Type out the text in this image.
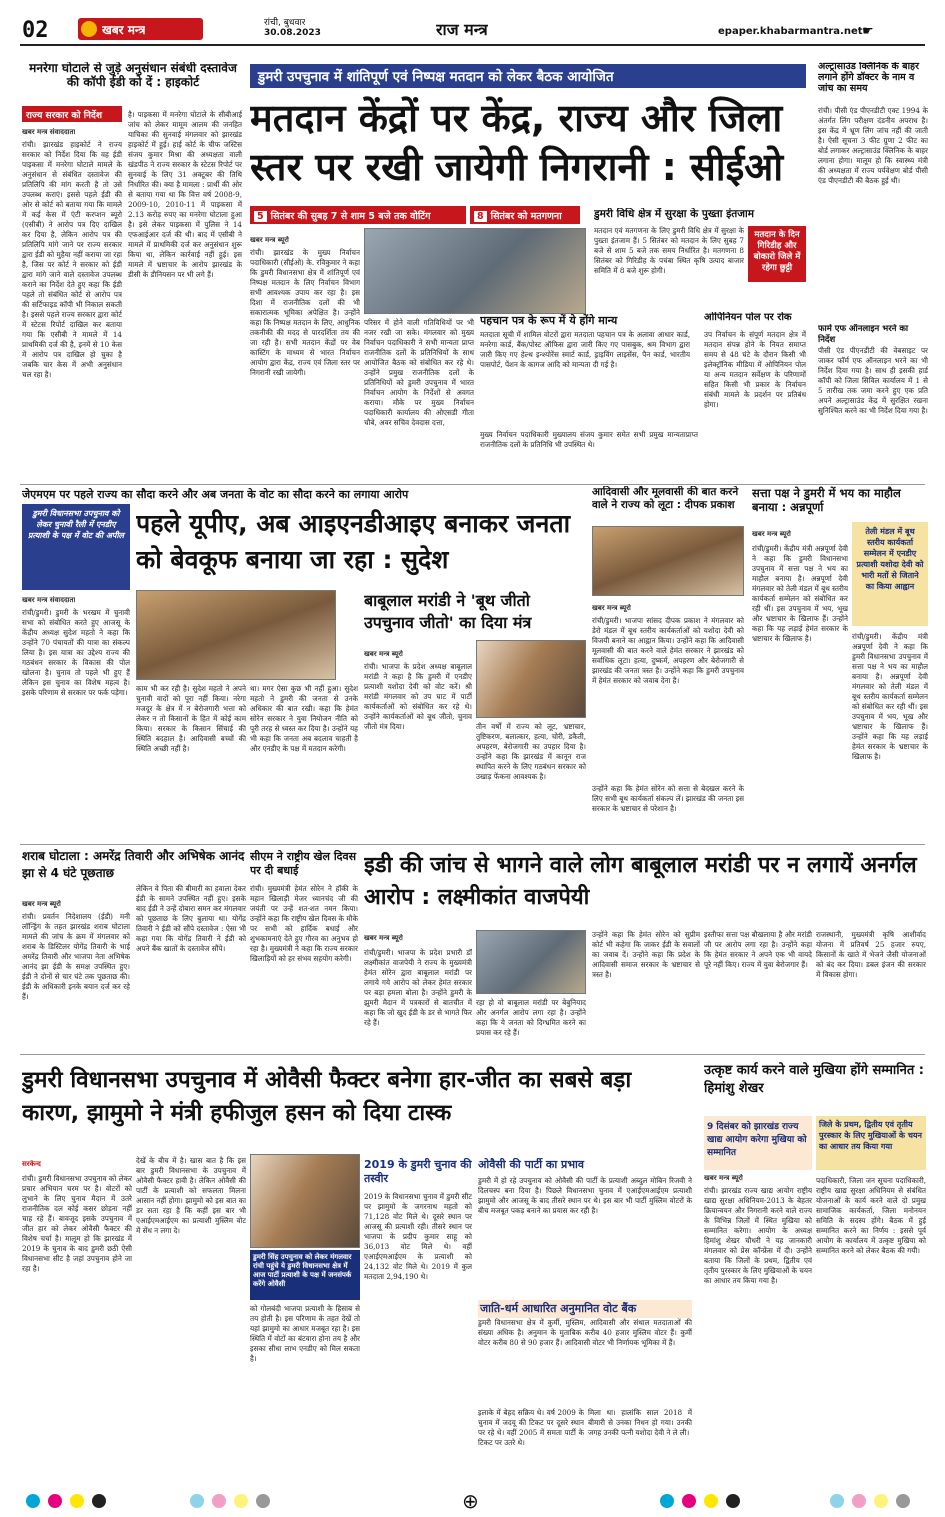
02	खबर मन्त्र	रांची, बुधवार
30.08.2023	राज मन्त्र	epaper.khabarmantra.net ☛
मनरेगा घोटाले से जुड़े अनुसंधान संबंधी दस्तावेज की कॉपी ईडी को दें : हाइकोर्ट
राज्य सरकार को निर्देश
खबर मन्त्र संवाददाता
रांची। झारखंड हाइकोर्ट ने राज्य सरकार को निर्देश दिया कि वह ईडी पाइकसा में मनरेगा घोटाले मामले के अनुसंधान से संबंधित दस्तावेज की प्रतिलिपि की मांग करती है तो उसे उपलब्ध कराएं। इससे पहले ईडी की ओर से कोर्ट को बताया गया कि मामले में कई केस में एंटी करप्शन ब्यूरो (एसीबी) ने आरोप पत्र दिए दाखिल कर दिया है, लेकिन आरोप पत्र की प्रतिलिपि मांगे जाने पर राज्य सरकार द्वारा ईडी को मुहैया नहीं कराया जा रहा है, जिस पर कोर्ट ने सरकार को ईडी द्वारा मांगे जाने वाले दस्तावेज उपलब्ध कराने का निर्देश देते हुए कहा कि ईडी पहले तो संबंधित कोर्ट से आरोप पत्र की सर्टिफाइड कॉपी भी निकाल सकती है। इससे पहले राज्य सरकार द्वारा कोर्ट में स्टेटस रिपोर्ट दाखिल कर बताया गया कि एसीबी ने मामले में 14 प्राथमिकी दर्ज की है, इनमें से 10 केस में आरोप पत्र दाखिल हो चुका है जबकि चार केस में अभी अनुसंधान चल रहा है।
है। पाइकसा में मनरेगा घोटाले के सीबीआई जांच को लेकर मामूम आलम की जनहित याचिका की सुनवाई मंगलवार को झारखंड हाइकोर्ट में हुई। हाई कोर्ट के चीफ जस्टिस संजय कुमार मिश्रा की अध्यक्षता वाली खंडपीठ ने राज्य सरकार के स्टेटस रिपोर्ट पर सुनवाई के लिए 31 अक्टूबर की तिथि निर्धारित की। क्या है मामला : प्रार्थी की ओर से बताया गया था कि वित्त वर्ष 2008-9, 2009-10, 2010-11 में पाइकसा में 2.13 करोड़ रुपए का मनरेगा घोटाला हुआ है। इसे लेकर पाइकसा में पुलिस ने 14 एफआईआर दर्ज की थी। बाद में एसीबी ने मामले में प्राथमिकी दर्ज कर अनुसंधान शुरू किया था, लेकिन कार्रवाई नहीं हुई। इस मामले में भ्रष्टाचार के आरोप झारखंड के डीसी के डीनियसन पर भी लगे हैं।
डुमरी उपचुनाव में शांतिपूर्ण एवं निष्पक्ष मतदान को लेकर बैठक आयोजित
मतदान केंद्रों पर केंद्र, राज्य और जिला स्तर पर रखी जायेगी निगरानी : सीईओ
5 सितंबर की सुबह 7 से शाम 5 बजे तक वोटिंग	8 सितंबर को मतगणना
खबर मन्त्र ब्यूरो
रांची। झारखंड के मुख्य निर्वाचन पदाधिकारी (सीईओ) के. रविकुमार ने कहा कि डुमरी विधानसभा क्षेत्र में शांतिपूर्ण एवं निष्पक्ष मतदान के लिए निर्वाचन विभाग सभी आवश्यक उपाय कर रहा है। इस दिशा में राजनीतिक दलों की भी सकारात्मक भूमिका अपेक्षित है। उन्होंने कहा कि निष्पक्ष मतदान के लिए, आधुनिक तकनीकी की मदद से पारदर्शिता तय की जा रही है। सभी मतदान केंद्रों पर वेब कास्टिंग के माध्यम से भारत निर्वाचन आयोग द्वारा केंद्र, राज्य एवं जिला स्तर पर निगरानी रखी जायेगी।
परिसर में होने वाली गतिविधियों पर भी नजर रखी जा सके। मंगलवार को मुख्य निर्वाचन पदाधिकारी ने सभी मान्यता प्राप्त राजनीतिक दलों के प्रतिनिधियों के साथ आयोजित बैठक को संबोधित कर रहे थे। उन्होंने प्रमुख राजनीतिक दलों के प्रतिनिधियों को डुमरी उपचुनाव में भारत निर्वाचन आयोग के निर्देशों से अवगत कराया। मौके पर मुख्य निर्वाचन पदाधिकारी कार्यालय की ओएसडी गीता चौबे, अवर सचिव देवदास दत्ता,
डुमरी विधि क्षेत्र में सुरक्षा के पुख्ता इंतजाम
मतदान एवं मतगणना के लिए डुमरी विधि क्षेत्र में सुरक्षा के पुख्ता इंतजाम हैं। 5 सितंबर को मतदान के लिए सुबह 7 बजे से शाम 5 बजे तक समय निर्धारित है। मतगणना 8 सितंबर को गिरिडीह के पचंबा स्थित कृषि उत्पाद बाजार समिति में 8 बजे शुरू होगी।
मतदान के दिन गिरिडीह और बोकारो जिले में रहेगा छुट्टी
पहचान पत्र के रूप में ये होंगे मान्य
मतदाता सूची में शामिल वोटरों द्वारा मतदाता पहचान पत्र के अलावा आधार कार्ड, मनरेगा कार्ड, बैंक/पोस्ट ऑफिस द्वारा जारी किए गए पासबुक, श्रम विभाग द्वारा जारी किए गए हेल्थ इन्श्योरेंस स्मार्ट कार्ड, ड्राइविंग लाइसेंस, पैन कार्ड, भारतीय पासपोर्ट, पेंशन के कागज आदि को मान्यता दी गई है।
ओपिनियन पोल पर रोक
उप निर्वाचन के संपूर्ण मतदान क्षेत्र में मतदान संपन्न होने के नियत समाप्त समय से 48 घंटे के दौरान किसी भी इलेक्ट्रॉनिक मीडिया में ओपिनियन पोल या अन्य मतदान सर्वेक्षण के परिणामों सहित किसी भी प्रकार के निर्वाचन संबंधी मामले के प्रदर्शन पर प्रतिबंध होगा।
मुख्य निर्वाचन पदाधिकारी मुख्यालय संजय कुमार समेत सभी प्रमुख मान्यताप्राप्त राजनीतिक दलों के प्रतिनिधि भी उपस्थित थे।
अल्ट्रासाउंड क्लिनिक के बाहर लगाने होंगे डॉक्टर के नाम व जांच का समय
रांची। पीसी एंड पीएनडीटी एक्ट 1994 के अंतर्गत लिंग परीक्षण दंडनीय अपराध है। इस केंद्र में भ्रूण लिंग जांच नहीं की जाती है। ऐसी सूचना 3 फीट ग्रुणा 2 फीट का बोर्ड लगाकर अल्ट्रासाउंड क्लिनिक के बाहर लगाना होगा। मालूम हो कि स्वास्थ्य मंत्री की अध्यक्षता में राज्य पर्यवेक्षण बोर्ड पीसी एंड पीएनडीटी की बैठक हुई थी।
फार्म एफ ऑनलाइन भरने का निर्देश
पीसी एंड पीएनडीटी की वेबसाइट पर जाकर फॉर्म एफ ऑनलाइन भरने का भी निर्देश दिया गया है। साथ ही इसकी हार्ड कॉपी को जिला सिविल कार्यालय में 1 से 5 तारीख तक जमा करने हुए एक प्रति अपने अल्ट्रासाउंड केंद्र में सुरक्षित रखना सुनिश्चित करने का भी निर्देश दिया गया है।
जेएमएम पर पहले राज्य का सौदा करने और अब जनता के वोट का सौदा करने का लगाया आरोप
डुमरी विधानसभा उपचुनाव को लेकर चुनावी रैली में एनडीए प्रत्याशी के पक्ष में वोट की अपील पहले यूपीए, अब आइएनडीआइए बनाकर जनता को बेवकूफ बनाया जा रहा : सुदेश
खबर मन्त्र संवाददाता
रांची/डुमरी। डुमरी के भरखम में चुनावी सभा को संबोधित करते हुए आजसू के केंद्रीय अध्यक्ष सुदेश महतो ने कहा कि उन्होंने 70 पंचायतों की यात्रा का संकल्प लिया है। इस यात्रा का उद्देश्य राज्य की गठबंधन सरकार के विकास की पोल खोलना है। चुनाव तो पहले भी हुए हैं लेकिन इस चुनाव का विशेष महत्व है। इसके परिणाम से सरकार पर फर्क पड़ेगा।	काम भी कर रही है। सुदेश महतो ने अपने चुनावी वादों को पूरा नहीं किया। नरेगा मजदूर के क्षेत्र में न बेरोजगारी भत्ता को लेकर न तो किसानों के हित में कोई काम किया। सरकार के किसान सिंचाई की स्थिति बदहाल है। आदिवासी बच्चों की स्थिति अच्छी नहीं है।
था। मगर ऐसा कुछ भी नहीं हुआ। सुदेश महतो ने डुमरी की जनता से उनके अधिकार की बात रखी। कहा कि हेमंत सोरेन सरकार ने युवा नियोजन नीति को पूरी तरह से ध्वस्त कर दिया है। उन्होंने यह भी कहा कि जनता अब बदलाव चाहती है और एनडीए के पक्ष में मतदान करेगी।
बाबूलाल मरांडी ने 'बूथ जीतो उपचुनाव जीतो' का दिया मंत्र
खबर मन्त्र ब्यूरो
रांची। भाजपा के प्रदेश अध्यक्ष बाबूलाल मरांडी ने कहा है कि डुमरी में एनडीए प्रत्याशी यशोदा देवी को वोट करें। श्री मरांडी मंगलवार को उप घाट में पार्टी कार्यकर्ताओं को संबोधित कर रहे थे। उन्होंने कार्यकर्ताओं को बूथ जीतो, चुनाव जीतो मंत्र दिया।	तीन वर्षों में राज्य को लूट, भ्रष्टाचार, तुष्टिकरण, बलात्कार, हत्या, चोरी, डकैती, अपहरण, बेरोजगारी का उपहार दिया है। उन्होंने कहा कि झारखंड में कानून राज स्थापित करने के लिए गठबंधन सरकार को उखाड़ फेंकना आवश्यक है।
आदिवासी और मूलवासी की बात करने वाले ने राज्य को लूटा : दीपक प्रकाश
खबर मन्त्र ब्यूरो
रांची/डुमरी। भाजपा सांसद दीपक प्रकाश ने मंगलवार को डेरो मंडल में बूथ स्तरीय कार्यकर्ताओं को यशोदा देवी को विजयी बनाने का आह्वान किया। उन्होंने कहा कि आदिवासी मूलवासी की बात करने वाले हेमंत सरकार ने झारखंड को सर्वाधिक लूटा। हत्या, दुष्कर्म, अपहरण और बेरोजगारी से झारखंड की जनता त्रस्त है। उन्होंने कहा कि डुमरी उपचुनाव में हेमंत सरकार को जवाब देना है।
उन्होंने कहा कि हेमंत सोरेन को सत्ता से बेदखल करने के लिए सभी बूथ कार्यकर्ता संकल्प लें। झारखंड की जनता इस सरकार के भ्रष्टाचार से परेशान है।
सत्ता पक्ष ने डुमरी में भय का माहौल बनाया : अन्नपूर्णा
तेली मंडल में बूथ स्तरीय कार्यकर्ता सम्मेलन में एनडीए प्रत्याशी यशोदा देवी को भारी मतों से जिताने का किया आह्वान
खबर मन्त्र ब्यूरो
रांची/डुमरी। केंद्रीय मंत्री अन्नपूर्णा देवी ने कहा कि डुमरी विधानसभा उपचुनाव में सत्ता पक्ष ने भय का माहौल बनाया है। अन्नपूर्णा देवी मंगलवार को तेली मंडल में बूथ स्तरीय कार्यकर्ता सम्मेलन को संबोधित कर रही थीं। इस उपचुनाव में भय, भूख और भ्रष्टाचार के खिलाफ हैं। उन्होंने कहा कि यह लड़ाई हेमंत सरकार के भ्रष्टाचार के खिलाफ है।	रांची/डुमरी। केंद्रीय मंत्री अन्नपूर्णा देवी ने कहा कि डुमरी विधानसभा उपचुनाव में सत्ता पक्ष ने भय का माहौल बनाया है। अन्नपूर्णा देवी मंगलवार को तेली मंडल में बूथ स्तरीय कार्यकर्ता सम्मेलन को संबोधित कर रही थीं। इस उपचुनाव में भय, भूख और भ्रष्टाचार के खिलाफ हैं। उन्होंने कहा कि यह लड़ाई हेमंत सरकार के भ्रष्टाचार के खिलाफ है।
शराब घोटाला : अमरेंद्र तिवारी और अभिषेक आनंद झा से 4 घंटे पूछताछ
खबर मन्त्र ब्यूरो
रांची। प्रवर्तन निदेशालय (ईडी) मनी लॉन्ड्रिंग के तहत झारखंड शराब घोटाला मामले की जांच के क्रम में मंगलवार को शराब के डिस्टिलर योगेंद्र तिवारी के भाई अमरेंद्र तिवारी और भाजपा नेता अभिषेक आनंद झा ईडी के समक्ष उपस्थित हुए। ईडी ने दोनों से चार घंटे तक पूछताछ की। ईडी के अधिकारी इनके बयान दर्ज कर रहे हैं।
लेकिन वे पिता की बीमारी का हवाला देकर ईडी के सामने उपस्थित नहीं हुए। इसके बाद ईडी ने उन्हें दोबारा समन कर मंगलवार को पूछताछ के लिए बुलाया था। योगेंद्र तिवारी ने ईडी को सौंपे दस्तावेज : ऐसा भी कहा गया कि योगेंद्र तिवारी ने ईडी को अपने बैंक खातों के दस्तावेज सौंपे।
सीएम ने राष्ट्रीय खेल दिवस पर दी बधाई
रांची। मुख्यमंत्री हेमंत सोरेन ने हॉकी के महान खिलाड़ी मेजर ध्यानचंद जी की जयंती पर उन्हें शत-शत नमन किया। उन्होंने कहा कि राष्ट्रीय खेल दिवस के मौके पर सभी को हार्दिक बधाई और शुभकामनाएं देते हुए गौरव का अनुभव हो रहा है। मुख्यमंत्री ने कहा कि राज्य सरकार खिलाड़ियों को हर संभव सहयोग करेगी।
इडी की जांच से भागने वाले लोग बाबूलाल मरांडी पर न लगायें अनर्गल आरोप : लक्ष्मीकांत वाजपेयी
खबर मन्त्र ब्यूरो
रांची/डुमरी। भाजपा के प्रदेश प्रभारी डॉ लक्ष्मीकांत वाजपेयी ने राज्य के मुख्यमंत्री हेमंत सोरेन द्वारा बाबूलाल मरांडी पर लगाये गये आरोप को लेकर हेमंत सरकार पर बड़ा हमला बोला है। उन्होंने डुमरी के झुमरी मैदान में पत्रकारों से बातचीत में कहा कि जो खुद ईडी के डर से भागते फिर रहे हैं।
रहा हो वो बाबूलाल मरांडी पर बेबुनियाद और अनर्गल आरोप लगा रहा है। उन्होंने कहा कि ये जनता को दिग्भ्रमित करने का प्रयास कर रहे हैं।
उन्होंने कहा कि हेमंत सोरेन को सुप्रीम कोर्ट भी कहेगा कि जाकर ईडी के सवालों का जवाब दें। उन्होंने कहा कि प्रदेश के आदिवासी समाज सरकार के भ्रष्टाचार से त्रस्त है।
इस्तीफा सत्ता पक्ष बौखलाया है और मरांडी जी पर आरोप लगा रहा है। उन्होंने कहा कि हेमंत सरकार ने अपने एक भी वायदे पूरे नहीं किए। राज्य में युवा बेरोजगार हैं।
राजस्थानी, मुख्यमंत्री कृषि आशीर्वाद योजना में प्रतिवर्ष 25 हजार रुपए, किसानों के खाते में भेजने जैसी योजनाओं को बंद कर दिया। डबल इंजन की सरकार में विकास होगा।
डुमरी विधानसभा उपचुनाव में ओवैसी फैक्टर बनेगा हार-जीत का सबसे बड़ा कारण, झामुमो ने मंत्री हफीजुल हसन को दिया टास्क
सरकेन्द
रांची। डुमरी विधानसभा उपचुनाव को लेकर प्रचार अभियान चरम पर है। वोटरों को लुभाने के लिए चुनाव मैदान में उतरे राजनीतिक दल कोई कसर छोड़ना नहीं चाह रहे हैं। बावजूद इसके उपचुनाव में जीत हार को लेकर ओवैसी फैक्टर की विशेष चर्चा है। मालूम हो कि झारखंड में 2019 के चुनाव के बाद डुमरी छठी ऐसी विधानसभा सीट है जहां उपचुनाव होने जा रहा है।
देखें के बीच में है। खास बात है कि इस बार डुमरी विधानसभा के उपचुनाव में ओवैसी फैक्टर हावी है। लेकिन ओवैसी की पार्टी के प्रत्याशी को सफलता मिलना आसान नहीं होगा। झामुमो को इस बात का डर सता रहा है कि कहीं इस बार भी एआईएमआईएम का प्रत्याशी मुस्लिम वोट में सेंध न लगा दे।
डुमरी सिंह उपचुनाव को लेकर मंगलवार रांची पहुंचे ये डुमरी विधानसभा क्षेत्र में आज पार्टी प्रत्याशी के पक्ष में जनसंपर्क करेंगे ओवैसी
को गोलबंदी भाजपा प्रत्याशी के हिसाब से तय होती है। इस परिणाम के तहत देखें तो यहां झामुमो का आधार मजबूत रहा है। इस स्थिति में वोटों का बंटवारा होना तय है और इसका सीधा लाभ एनडीए को मिल सकता है।
2019 के डुमरी चुनाव की तस्वीर
2019 के विधानसभा चुनाव में डुमरी सीट पर झामुमो के जगरनाथ महतो को 71,128 वोट मिले थे। दूसरे स्थान पर आजसू की प्रत्याशी रही। तीसरे स्थान पर भाजपा के प्रदीप कुमार साहू को 36,013 वोट मिले थे। वहीं एआईएमआईएम के प्रत्याशी को 24,132 वोट मिले थे। 2019 में कुल मतदाता 2,94,190 थे।
ओवैसी की पार्टी का प्रभाव
डुमरी में हो रहे उपचुनाव को ओवैसी की पार्टी के प्रत्याशी अब्दुल मोबिन रिजवी ने दिलचस्प बना दिया है। पिछले विधानसभा चुनाव में एआईएमआईएम प्रत्याशी झामुमो और आजसू के बाद तीसरे स्थान पर थे। इस बार भी पार्टी मुस्लिम वोटरों के बीच मजबूत पकड़ बनाने का प्रयास कर रही है।
जाति-धर्म आधारित अनुमानित वोट बैंक
डुमरी विधानसभा क्षेत्र में कुर्मी, मुस्लिम, आदिवासी और संथाल मतदाताओं की संख्या अधिक है। अनुमान के मुताबिक करीब 40 हजार मुस्लिम वोटर हैं। कुर्मी वोटर करीब 80 से 90 हजार हैं। आदिवासी वोटर भी निर्णायक भूमिका में हैं।
इलाके में बेहद सक्रिय थे। वर्ष 2009 के चुनाव में जदयू की टिकट पर दूसरे स्थान पर रहे थे। वहीं 2005 में समता पार्टी के टिकट पर उतरे थे।
मिला था। हालांकि साल 2018 में बीमारी से उनका निधन हो गया। उनकी जगह उनकी पत्नी यशोदा देवी ने ले ली।
उत्कृष्ट कार्य करने वाले मुखिया होंगे सम्मानित : हिमांशु शेखर
9 दिसंबर को झारखंड राज्य खाद्य आयोग करेगा मुखिया को सम्मानित
जिले के प्रथम, द्वितीय एवं तृतीय पुरस्कार के लिए मुखियाओं के चयन का आधार तय किया गया
खबर मन्त्र ब्यूरो
रांची। झारखंड राज्य खाद्य आयोग राष्ट्रीय खाद्य सुरक्षा अधिनियम-2013 के बेहतर क्रियान्वयन और निगरानी करने वाले राज्य के विभिन्न जिलों में स्थित मुखिया को सम्मानित करेगा। आयोग के अध्यक्ष हिमांशु शेखर चौधरी ने यह जानकारी मंगलवार को प्रेस कॉन्फ्रेंस में दी। उन्होंने बताया कि जिलों के प्रथम, द्वितीय एवं तृतीय पुरस्कार के लिए मुखियाओं के चयन का आधार तय किया गया है।
पदाधिकारी, जिला जन सूचना पदाधिकारी, राष्ट्रीय खाद्य सुरक्षा अधिनियम से संबंधित योजनाओं के कार्य करने वाले दो प्रमुख सामाजिक कार्यकर्ता, जिला मनोनयन समिति के सदस्य होंगे। बैठक में हुई सम्मानित करने का निर्णय : इससे पूर्व आयोग के कार्यालय में उत्कृष्ट मुखिया को सम्मानित करने को लेकर बैठक की गयी।
⊕
